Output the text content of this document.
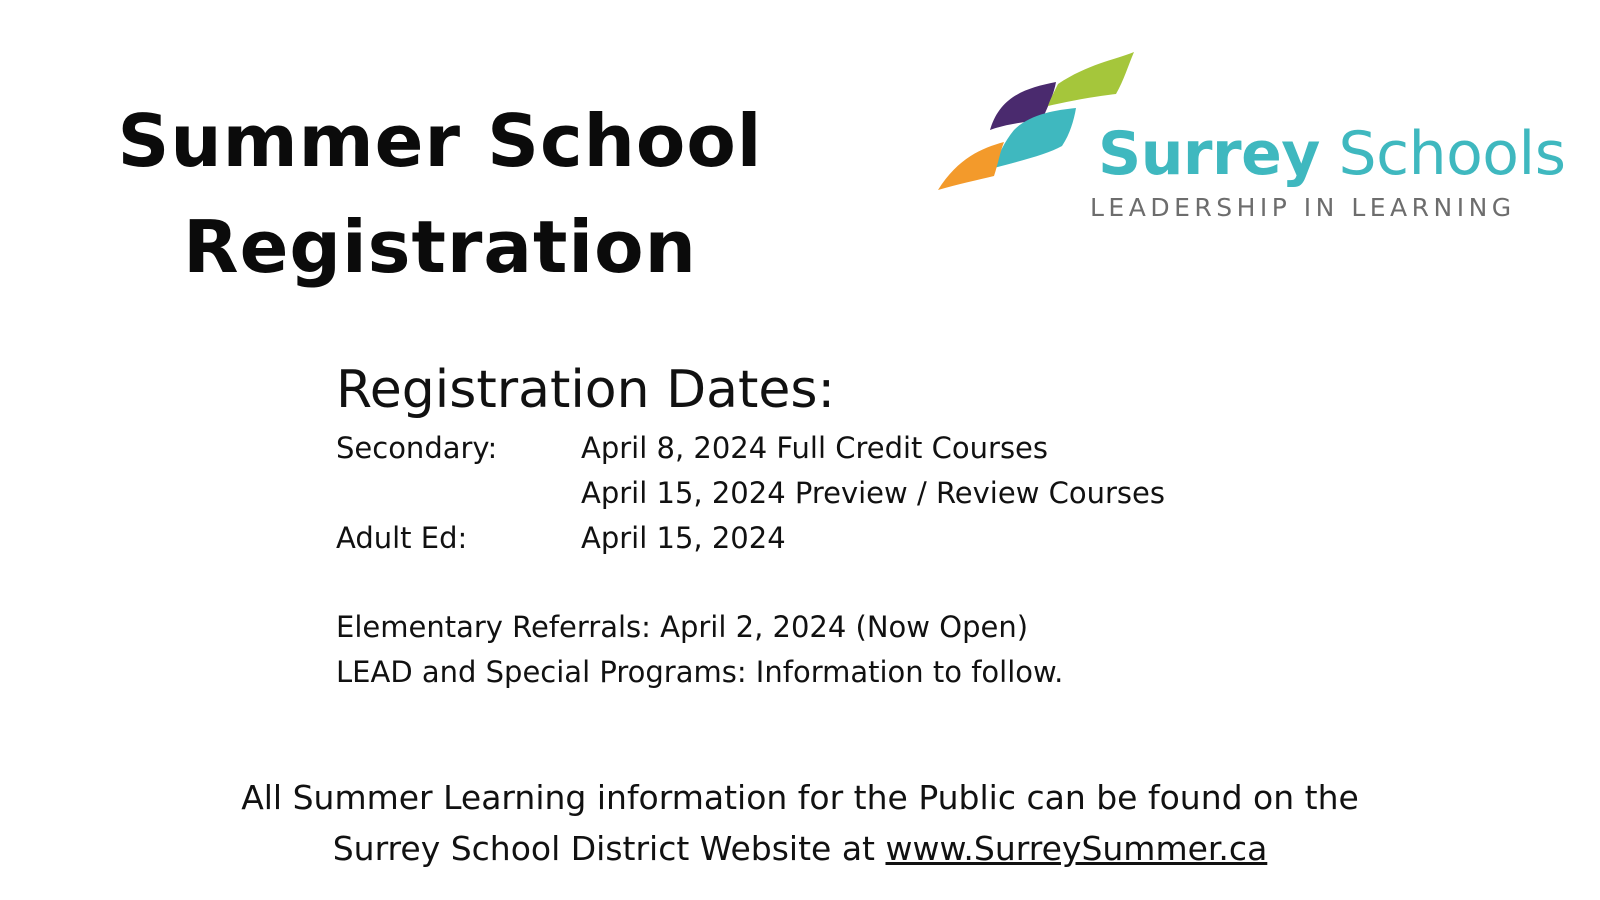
Summer School
Registration
Surrey Schools
LEADERSHIP IN LEARNING
Registration Dates:
Secondary:	April 8, 2024 Full Credit Courses
April 15, 2024 Preview / Review Courses
Adult Ed:	April 15, 2024
Elementary Referrals: April 2, 2024 (Now Open)
LEAD and Special Programs: Information to follow.
All Summer Learning information for the Public can be found on the
Surrey School District Website at www.SurreySummer.ca
